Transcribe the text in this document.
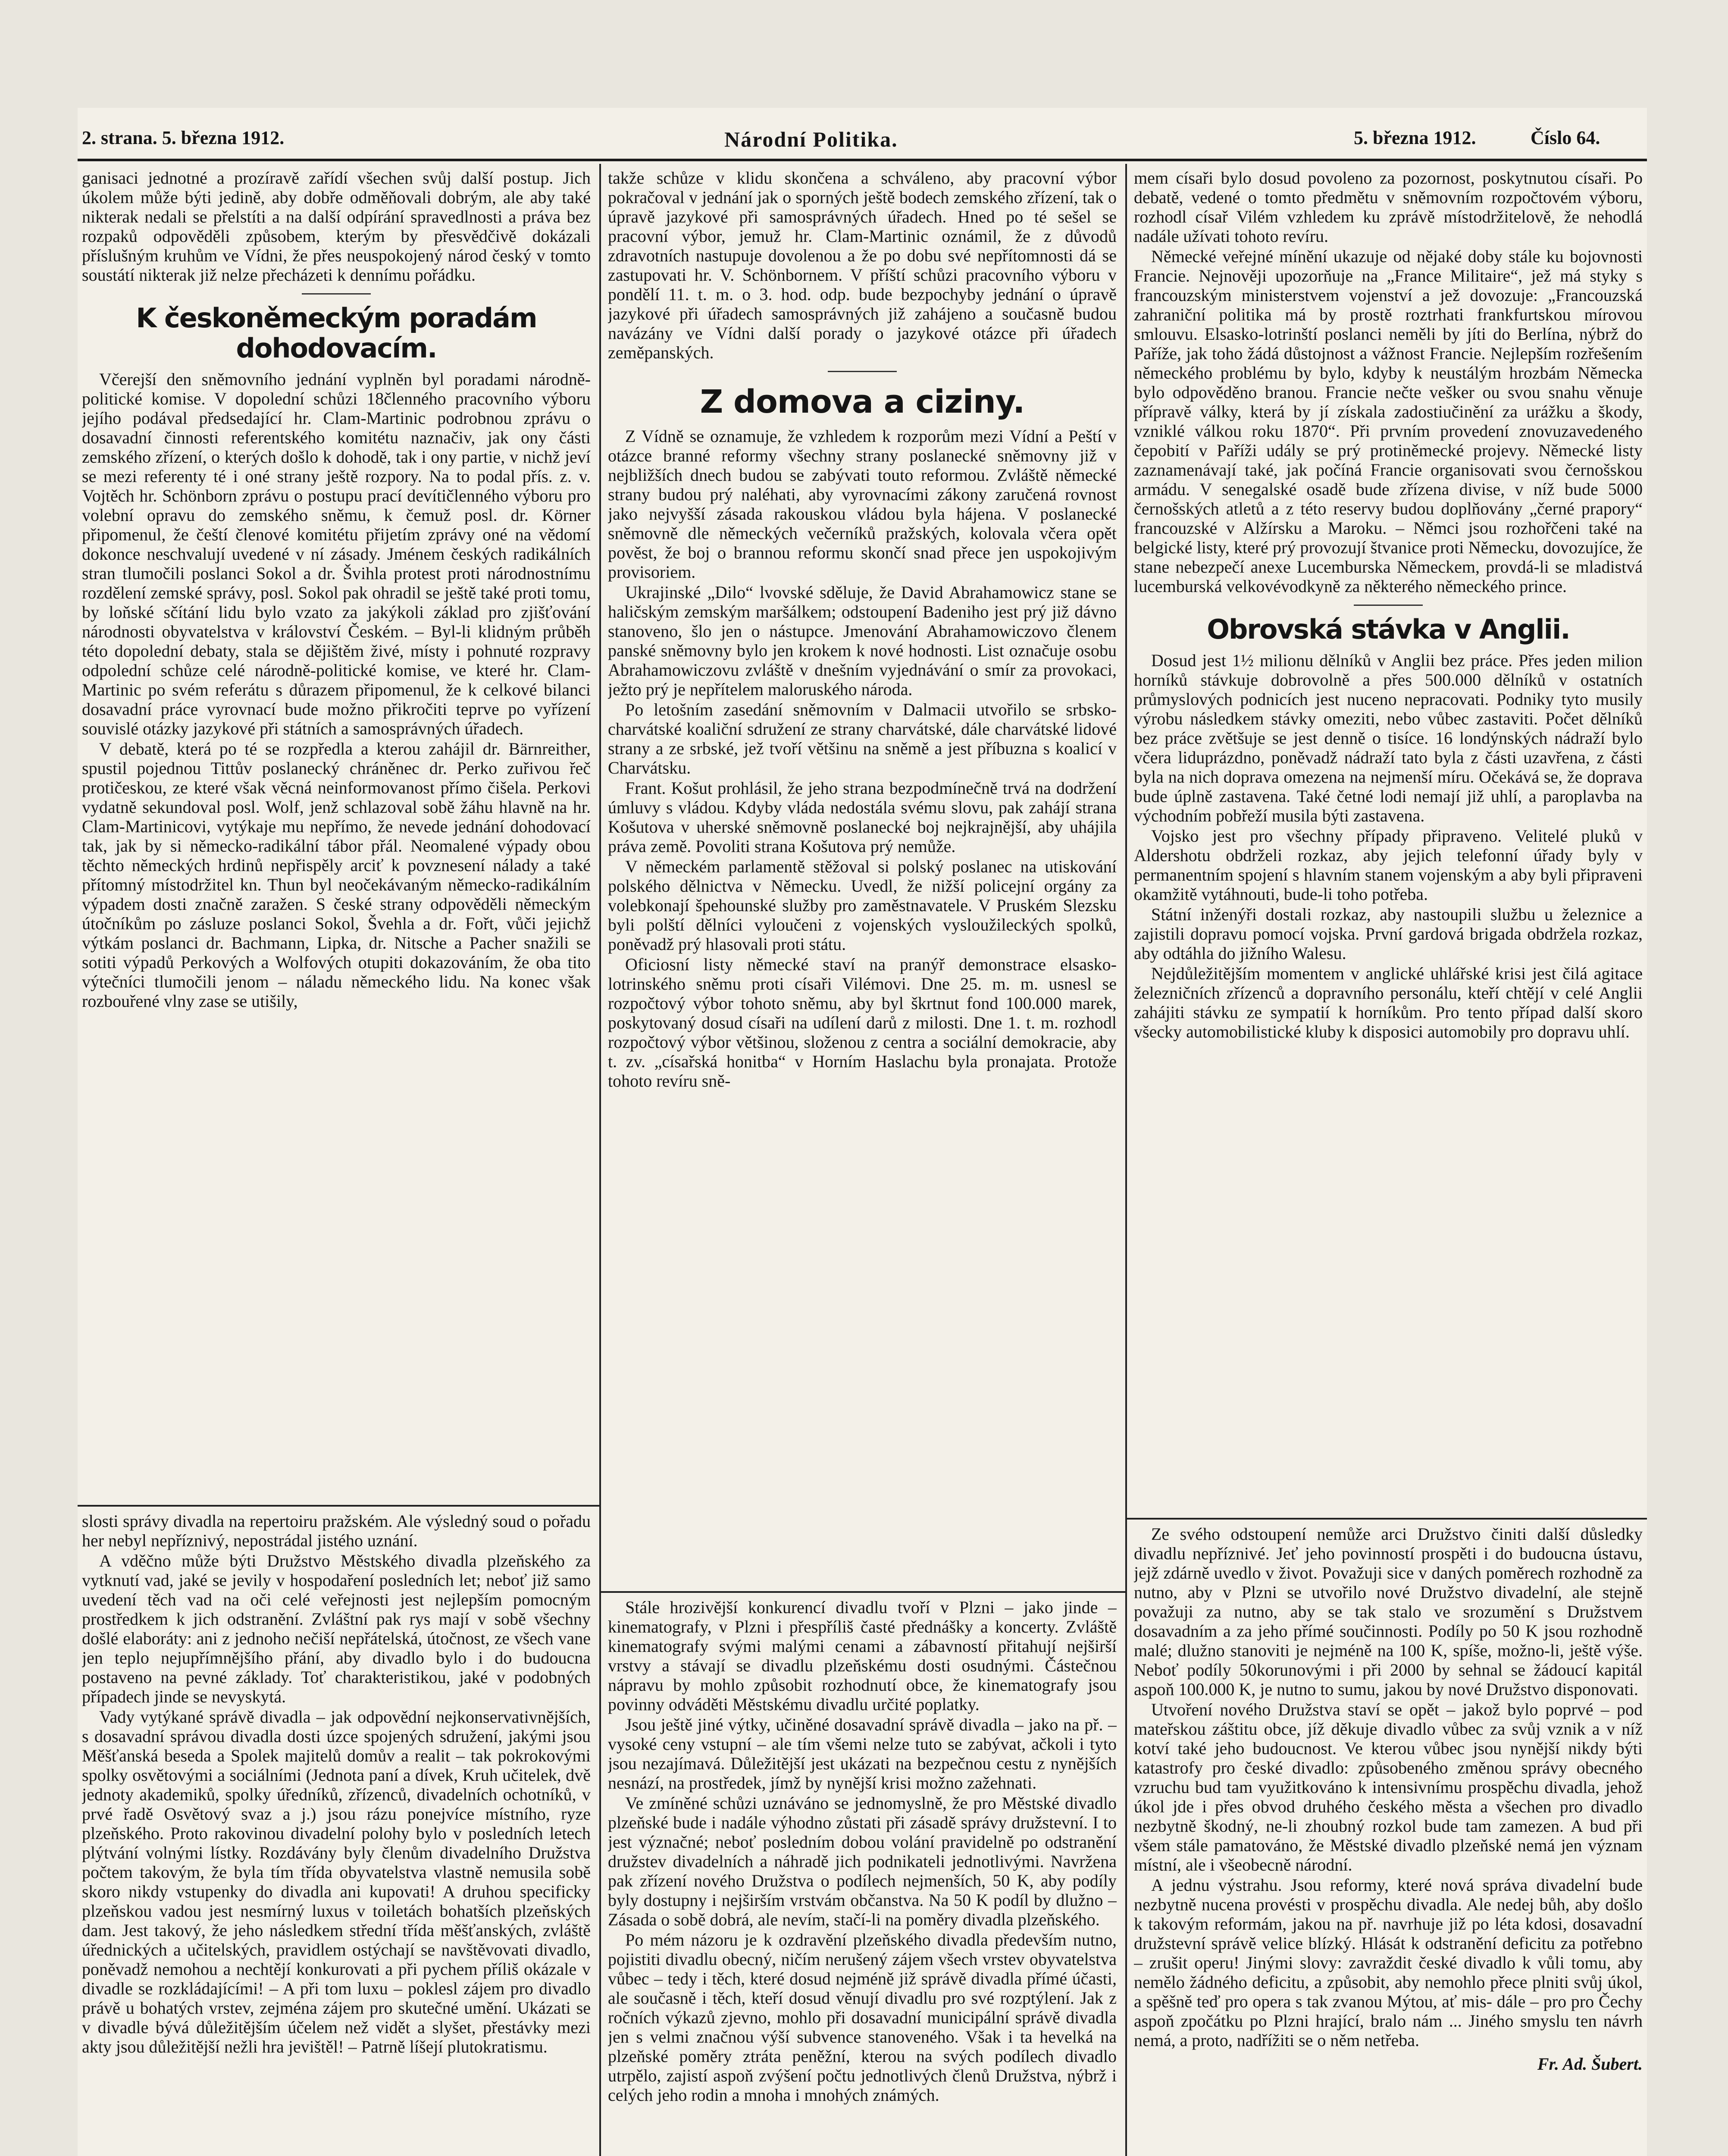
2. strana. 5. března 1912.	Národní Politika.	5. března 1912.	Číslo 64.

ganisaci jednotné a prozíravě zařídí všechen svůj další postup. Jich úkolem může býti jedině, aby dobře odměňovali dobrým, ale aby také nikterak nedali se přelstíti a na další odpírání spravedlnosti a práva bez rozpaků odpověděli způsobem, kterým by přesvědčivě dokázali příslušným kruhům ve Vídni, že přes neuspokojený národ český v tomto soustátí nikterak již nelze přecházeti k dennímu pořádku.

K českoněmeckým poradám dohodovacím.

Včerejší den sněmovního jednání vyplněn byl poradami národně-politické komise. V dopolední schůzi 18členného pracovního výboru jejího podával předsedající hr. Clam-Martinic podrobnou zprávu o dosavadní činnosti referentského komitétu naznačiv, jak ony části zemského zřízení, o kterých došlo k dohodě, tak i ony partie, v nichž jeví se mezi referenty té i oné strany ještě rozpory. Na to podal přís. z. v. Vojtěch hr. Schönborn zprávu o postupu prací devítičlenného výboru pro volební opravu do zemského sněmu, k čemuž posl. dr. Körner připomenul, že čeští členové komitétu přijetím zprávy oné na vědomí dokonce neschvalují uvedené v ní zásady. Jménem českých radikálních stran tlumočili poslanci Sokol a dr. Švihla protest proti národnostnímu rozdělení zemské správy, posl. Sokol pak ohradil se ještě také proti tomu, by loňské sčítání lidu bylo vzato za jakýkoli základ pro zjišťování národnosti obyvatelstva v království Českém. – Byl-li klidným průběh této dopolední debaty, stala se dějištěm živé, místy i pohnuté rozpravy odpolední schůze celé národně-politické komise, ve které hr. Clam-Martinic po svém referátu s důrazem připomenul, že k celkové bilanci dosavadní práce vyrovnací bude možno přikročiti teprve po vyřízení souvislé otázky jazykové při státních a samosprávných úřadech.

V debatě, která po té se rozpředla a kterou zahájil dr. Bärnreither, spustil pojednou Tittův poslanecký chráněnec dr. Perko zuřivou řeč protičeskou, ze které však věcná neinformovanost přímo čišela. Perkovi vydatně sekundoval posl. Wolf, jenž schlazoval sobě žáhu hlavně na hr. Clam-Martinicovi, vytýkaje mu nepřímo, že nevede jednání dohodovací tak, jak by si německo-radikální tábor přál. Neomalené výpady obou těchto německých hrdinů nepřispěly arciť k povznesení nálady a také přítomný místodržitel kn. Thun byl neočekávaným německo-radikálním výpadem dosti značně zaražen. S české strany odpověděli německým útočníkům po zásluze poslanci Sokol, Švehla a dr. Fořt, vůči jejichž výtkám poslanci dr. Bachmann, Lipka, dr. Nitsche a Pacher snažili se sotiti výpadů Perkových a Wolfových otupiti dokazováním, že oba tito výtečníci tlumočili jenom – náladu německého lidu. Na konec však rozbouřené vlny zase se utišily,

takže schůze v klidu skončena a schváleno, aby pracovní výbor pokračoval v jednání jak o sporných ještě bodech zemského zřízení, tak o úpravě jazykové při samosprávných úřadech. Hned po té sešel se pracovní výbor, jemuž hr. Clam-Martinic oznámil, že z důvodů zdravotních nastupuje dovolenou a že po dobu své nepřítomnosti dá se zastupovati hr. V. Schönbornem. V příští schůzi pracovního výboru v pondělí 11. t. m. o 3. hod. odp. bude bezpochyby jednání o úpravě jazykové při úřadech samosprávných již zahájeno a současně budou navázány ve Vídni další porady o jazykové otázce při úřadech zeměpanských.

Z domova a ciziny.

Z Vídně se oznamuje, že vzhledem k rozporům mezi Vídní a Peští v otázce branné reformy všechny strany poslanecké sněmovny již v nejbližších dnech budou se zabývati touto reformou. Zvláště německé strany budou prý naléhati, aby vyrovnacími zákony zaručená rovnost jako nejvyšší zásada rakouskou vládou byla hájena. V poslanecké sněmovně dle německých večerníků pražských, kolovala včera opět pověst, že boj o brannou reformu skončí snad přece jen uspokojivým provisoriem.

Ukrajinské „Dilo“ lvovské sděluje, že David Abrahamowicz stane se haličským zemským maršálkem; odstoupení Badeniho jest prý již dávno stanoveno, šlo jen o nástupce. Jmenování Abrahamowiczovo členem panské sněmovny bylo jen krokem k nové hodnosti. List označuje osobu Abrahamowiczovu zvláště v dnešním vyjednávání o smír za provokaci, ježto prý je nepřítelem maloruského národa.

Po letošním zasedání sněmovním v Dalmacii utvořilo se srbsko-charvátské koaliční sdružení ze strany charvátské, dále charvátské lidové strany a ze srbské, jež tvoří většinu na sněmě a jest příbuzna s koalicí v Charvátsku.

Frant. Košut prohlásil, že jeho strana bezpodmínečně trvá na dodržení úmluvy s vládou. Kdyby vláda nedostála svému slovu, pak zahájí strana Košutova v uherské sněmovně poslanecké boj nejkrajnější, aby uhájila práva země. Povoliti strana Košutova prý nemůže.

V německém parlamentě stěžoval si polský poslanec na utiskování polského dělnictva v Německu. Uvedl, že nižší policejní orgány za volebkonají špehounské služby pro zaměstnavatele. V Pruském Slezsku byli polští dělníci vyloučeni z vojenských vysloužileckých spolků, poněvadž prý hlasovali proti státu.

Oficiosní listy německé staví na pranýř demonstrace elsasko-lotrinského sněmu proti císaři Vilémovi. Dne 25. m. m. usnesl se rozpočtový výbor tohoto sněmu, aby byl škrtnut fond 100.000 marek, poskytovaný dosud císaři na udílení darů z milosti. Dne 1. t. m. rozhodl rozpočtový výbor většinou, složenou z centra a sociální demokracie, aby t. zv. „císařská honitba“ v Horním Haslachu byla pronajata. Protože tohoto revíru sně-

mem císaři bylo dosud povoleno za pozornost, poskytnutou císaři. Po debatě, vedené o tomto předmětu v sněmovním rozpočtovém výboru, rozhodl císař Vilém vzhledem ku zprávě místodržitelově, že nehodlá nadále užívati tohoto revíru.

Německé veřejné mínění ukazuje od nějaké doby stále ku bojovnosti Francie. Nejnověji upozorňuje na „France Militaire“, jež má styky s francouzským ministerstvem vojenství a jež dovozuje: „Francouzská zahraniční politika má by prostě roztrhati frankfurtskou mírovou smlouvu. Elsasko-lotrinští poslanci neměli by jíti do Berlína, nýbrž do Paříže, jak toho žádá důstojnost a vážnost Francie. Nejlepším rozřešením německého problému by bylo, kdyby k neustálým hrozbám Německa bylo odpověděno branou. Francie nečte vešker ou svou snahu věnuje přípravě války, která by jí získala zadostiučinění za urážku a škody, vzniklé válkou roku 1870“. Při prvním provedení znovuzavedeného čepobití v Paříži udály se prý protiněmecké projevy. Německé listy zaznamenávají také, jak počíná Francie organisovati svou černošskou armádu. V senegalské osadě bude zřízena divise, v níž bude 5000 černošských atletů a z této reservy budou doplňovány „černé prapory“ francouzské v Alžírsku a Maroku. – Němci jsou rozhořčeni také na belgické listy, které prý provozují štvanice proti Německu, dovozujíce, že stane nebezpečí anexe Lucemburska Německem, provdá-li se mladistvá lucemburská velkovévodkyně za některého německého prince.

Obrovská stávka v Anglii.

Dosud jest 1½ milionu dělníků v Anglii bez práce. Přes jeden milion horníků stávkuje dobrovolně a přes 500.000 dělníků v ostatních průmyslových podnicích jest nuceno nepracovati. Podniky tyto musily výrobu následkem stávky omeziti, nebo vůbec zastaviti. Počet dělníků bez práce zvětšuje se jest denně o tisíce. 16 londýnských nádraží bylo včera liduprázdno, poněvadž nádraží tato byla z části uzavřena, z části byla na nich doprava omezena na nejmenší míru. Očekává se, že doprava bude úplně zastavena. Také četné lodi nemají již uhlí, a paroplavba na východním pobřeží musila býti zastavena.

Vojsko jest pro všechny případy připraveno. Velitelé pluků v Aldershotu obdrželi rozkaz, aby jejich telefonní úřady byly v permanentním spojení s hlavním stanem vojenským a aby byli připraveni okamžitě vytáhnouti, bude-li toho potřeba.

Státní inženýři dostali rozkaz, aby nastoupili službu u železnice a zajistili dopravu pomocí vojska. První gardová brigada obdržela rozkaz, aby odtáhla do jižního Walesu.

Nejdůležitějším momentem v anglické uhlářské krisi jest čilá agitace železničních zřízenců a dopravního personálu, kteří chtějí v celé Anglii zahájiti stávku ze sympatií k horníkům. Pro tento případ další skoro všecky automobilistické kluby k disposici automobily pro dopravu uhlí.

slosti správy divadla na repertoiru pražském. Ale výsledný soud o pořadu her nebyl nepříznivý, nepostrádal jistého uznání.

A vděčno může býti Družstvo Městského divadla plzeňského za vytknutí vad, jaké se jevily v hospodaření posledních let; neboť již samo uvedení těch vad na oči celé veřejnosti jest nejlepším pomocným prostředkem k jich odstranění. Zvláštní pak rys mají v sobě všechny došlé elaboráty: ani z jednoho nečiší nepřátelská, útočnost, ze všech vane jen teplo nejupřímnějšího přání, aby divadlo bylo i do budoucna postaveno na pevné základy. Toť charakteristikou, jaké v podobných případech jinde se nevyskytá.

Vady vytýkané správě divadla – jak odpovědní nejkonservativnějších, s dosavadní správou divadla dosti úzce spojených sdružení, jakými jsou Měšťanská beseda a Spolek majitelů domův a realit – tak pokrokovými spolky osvětovými a sociálními (Jednota paní a dívek, Kruh učitelek, dvě jednoty akademiků, spolky úředníků, zřízenců, divadelních ochotníků, v prvé řadě Osvětový svaz a j.) jsou rázu ponejvíce místního, ryze plzeňského. Proto rakovinou divadelní polohy bylo v posledních letech plýtvání volnými lístky. Rozdávány byly členům divadelního Družstva počtem takovým, že byla tím třída obyvatelstva vlastně nemusila sobě skoro nikdy vstupenky do divadla ani kupovati! A druhou specificky plzeňskou vadou jest nesmírný luxus v toiletách bohatších plzeňských dam. Jest takový, že jeho následkem střední třída měšťanských, zvláště úřednických a učitelských, pravidlem ostýchají se navštěvovati divadlo, poněvadž nemohou a nechtějí konkurovati a při pychem příliš okázale v divadle se rozkládajícími! – A při tom luxu – poklesl zájem pro divadlo právě u bohatých vrstev, zejména zájem pro skutečné umění. Ukázati se v divadle bývá důležitějším účelem než vidět a slyšet, přestávky mezi akty jsou důležitější nežli hra jevištěl! – Patrně líšejí plutokratismu.

Stále hrozivější konkurencí divadlu tvoří v Plzni – jako jinde – kinematografy, v Plzni i přespříliš časté přednášky a koncerty. Zvláště kinematografy svými malými cenami a zábavností přitahují nejširší vrstvy a stávají se divadlu plzeňskému dosti osudnými. Částečnou nápravu by mohlo způsobit rozhodnutí obce, že kinematografy jsou povinny odváděti Městskému divadlu určité poplatky.

Jsou ještě jiné výtky, učiněné dosavadní správě divadla – jako na př. – vysoké ceny vstupní – ale tím všemi nelze tuto se zabývat, ačkoli i tyto jsou nezajímavá. Důležitější jest ukázati na bezpečnou cestu z nynějších nesnází, na prostředek, jímž by nynější krisi možno zažehnati.

Ve zmíněné schůzi uznáváno se jednomyslně, že pro Městské divadlo plzeňské bude i nadále výhodno zůstati při zásadě správy družstevní. I to jest význačné; neboť posledním dobou volání pravidelně po odstranění družstev divadelních a náhradě jich podnikateli jednotlivými. Navržena pak zřízení nového Družstva o podílech nejmenších, 50 K, aby podíly byly dostupny i nejširším vrstvám občanstva. Na 50 K podíl by dlužno – Zásada o sobě dobrá, ale nevím, stačí-li na poměry divadla plzeňského.

Po mém názoru je k ozdravění plzeňského divadla především nutno, pojistiti divadlu obecný, ničím nerušený zájem všech vrstev obyvatelstva vůbec – tedy i těch, které dosud nejméně již správě divadla přímé účasti, ale současně i těch, kteří dosud věnují divadlu pro své rozptýlení. Jak z ročních výkazů zjevno, mohlo při dosavadní municipální správě divadla jen s velmi značnou výší subvence stanoveného. Však i ta hevelká na plzeňské poměry ztráta peněžní, kterou na svých podílech divadlo utrpělo, zajistí aspoň zvýšení počtu jednotlivých členů Družstva, nýbrž i celých jeho rodin a mnoha i mnohých známých.

Ze svého odstoupení nemůže arci Družstvo činiti další důsledky divadlu nepříznivé. Jeť jeho povinností prospěti i do budoucna ústavu, jejž zdárně uvedlo v život. Považuji sice v daných poměrech rozhodně za nutno, aby v Plzni se utvořilo nové Družstvo divadelní, ale stejně považuji za nutno, aby se tak stalo ve srozumění s Družstvem dosavadním a za jeho přímé součinnosti. Podíly po 50 K jsou rozhodně malé; dlužno stanoviti je nejméně na 100 K, spíše, možno-li, ještě výše. Neboť podíly 50korunovými i při 2000 by sehnal se žádoucí kapitál aspoň 100.000 K, je nutno to sumu, jakou by nové Družstvo disponovati.

Utvoření nového Družstva staví se opět – jakož bylo poprvé – pod mateřskou záštitu obce, jíž děkuje divadlo vůbec za svůj vznik a v níž kotví také jeho budoucnost. Ve kterou vůbec jsou nynější nikdy býti katastrofy pro české divadlo: způsobeného změnou správy obecného vzruchu bud tam využitkováno k intensivnímu prospěchu divadla, jehož úkol jde i přes obvod druhého českého města a všechen pro divadlo nezbytně škodný, ne-li zhoubný rozkol bude tam zamezen. A bud při všem stále pamatováno, že Městské divadlo plzeňské nemá jen význam místní, ale i všeobecně národní.

A jednu výstrahu. Jsou reformy, které nová správa divadelní bude nezbytně nucena provésti v prospěchu divadla. Ale nedej bůh, aby došlo k takovým reformám, jakou na př. navrhuje již po léta kdosi, dosavadní družstevní správě velice blízký. Hlását k odstranění deficitu za potřebno – zrušit operu! Jinými slovy: zavraždit české divadlo k vůli tomu, aby nemělo žádného deficitu, a způsobit, aby nemohlo přece plniti svůj úkol, a spěšně teď pro opera s tak zvanou Mýtou, ať mis- dále – pro pro Čechy aspoň zpočátku po Plzni hrající, bralo nám ... Jiného smyslu ten návrh nemá, a proto, nadřížiti se o něm netřeba.

Fr. Ad. Šubert.
